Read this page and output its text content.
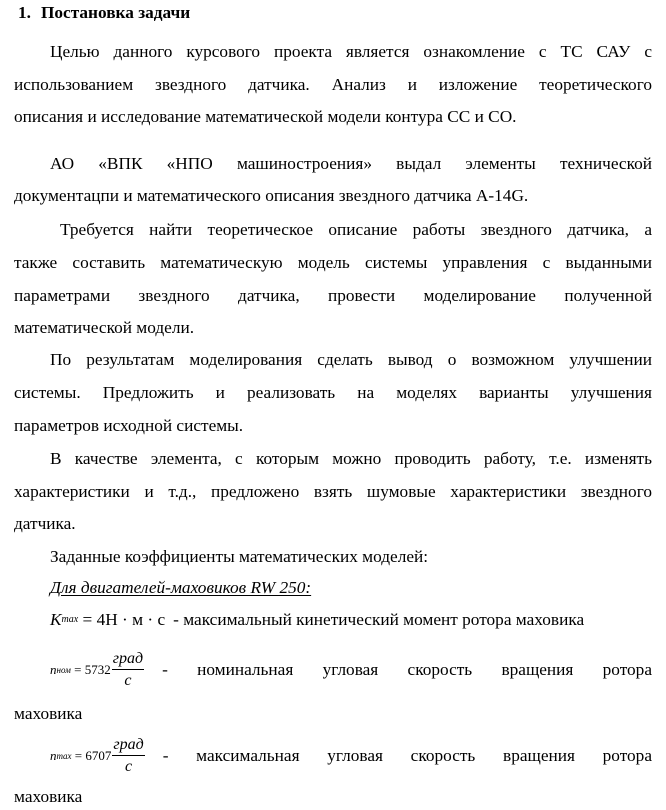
1. Постановка задачи
Целью данного курсового проекта является ознакомление с ТС САУ с
использованием звездного датчика. Анализ и изложение теоретического
описания и исследование математической модели контура СС и СО.
АО «ВПК «НПО машиностроения» выдал элементы технической
документацпи и математического описания звездного датчика А-14G.
Требуется найти теоретическое описание работы звездного датчика, а
также составить математическую модель системы управления с выданными
параметрами звездного датчика, провести моделирование полученной
математической модели.
По результатам моделирования сделать вывод о возможном улучшении
системы. Предложить и реализовать на моделях варианты улучшения
параметров исходной системы.
В качестве элемента, с которым можно проводить работу, т.е. изменять
характеристики и т.д., предложено взять шумовые характеристики звездного
датчика.
Заданные коэффициенты математических моделей:
Для двигателей-маховиков RW 250:
K max
= 4H · м · с - максимальный кинетический момент ротора маховика
n ном
= $5732 \frac{\text{град}}{с}$ - номинальная угловая скорость вращения ротора
маховика
n max
= $6707 \frac{\text{град}}{с}$ - максимальная угловая скорость вращения ротора
маховика
